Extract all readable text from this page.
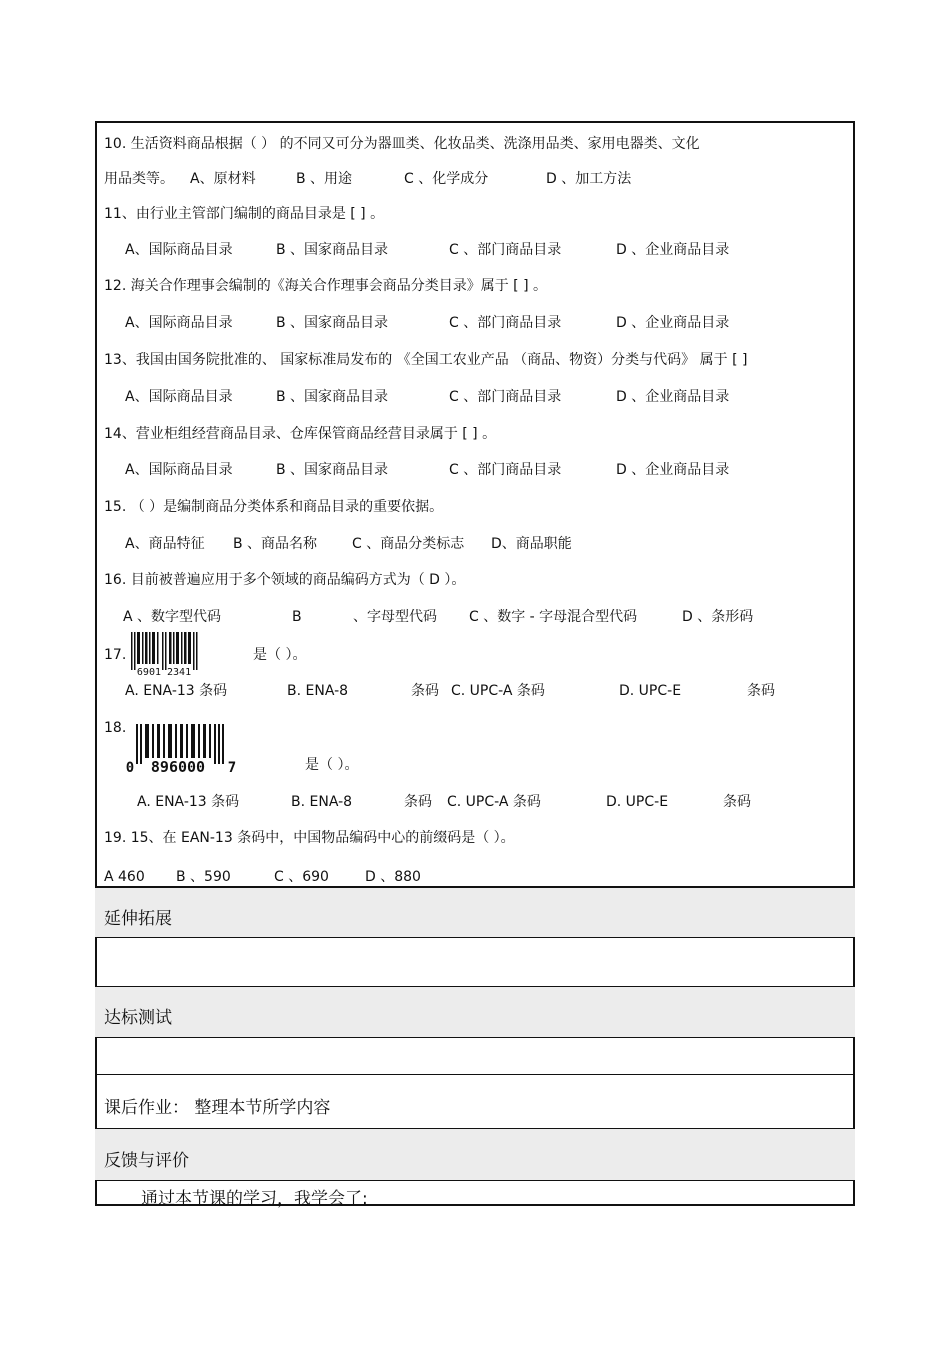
10. 生活资料商品根据（ ） 的不同又可分为器皿类、化妆品类、洗涤用品类、家用电器类、文化
用品类等。 A、原材料	B 、用途	C 、化学成分	D 、加工方法
11、由行业主管部门编制的商品目录是 [ ] 。
A、国际商品目录	B 、国家商品目录	C 、部门商品目录	D 、企业商品目录
12. 海关合作理事会编制的《海关合作理事会商品分类目录》属于 [ ] 。
A、国际商品目录	B 、国家商品目录	C 、部门商品目录	D 、企业商品目录
13、我国由国务院批准的、 国家标准局发布的 《全国工农业产品 （商品、物资）分类与代码》 属于 [ ]
A、国际商品目录	B 、国家商品目录	C 、部门商品目录	D 、企业商品目录
14、营业柜组经营商品目录、仓库保管商品经营目录属于 [ ] 。
A、国际商品目录	B 、国家商品目录	C 、部门商品目录	D 、企业商品目录
15. （ ）是编制商品分类体系和商品目录的重要依据。
A、商品特征 B 、商品名称 C 、商品分类标志 D、商品职能
16. 目前被普遍应用于多个领域的商品编码方式为（ D ）。
A 、数字型代码	B	、字母型代码 C 、数字 - 字母混合型代码	D 、条形码
17.
6901 2341
是（ ）。
A. ENA-13 条码	B. ENA-8	条码 C. UPC-A 条码	D. UPC-E	条码
18.
0 896000 7	是（ ）。
A. ENA-13 条码	B. ENA-8	条码 C. UPC-A 条码	D. UPC-E	条码
19. 15、在 EAN-13 条码中，中国物品编码中心的前缀码是（ ）。
A 460 B 、590	C 、690	D 、880
延伸拓展
达标测试
课后作业： 整理本节所学内容
反馈与评价
通过本节课的学习，我学会了:
